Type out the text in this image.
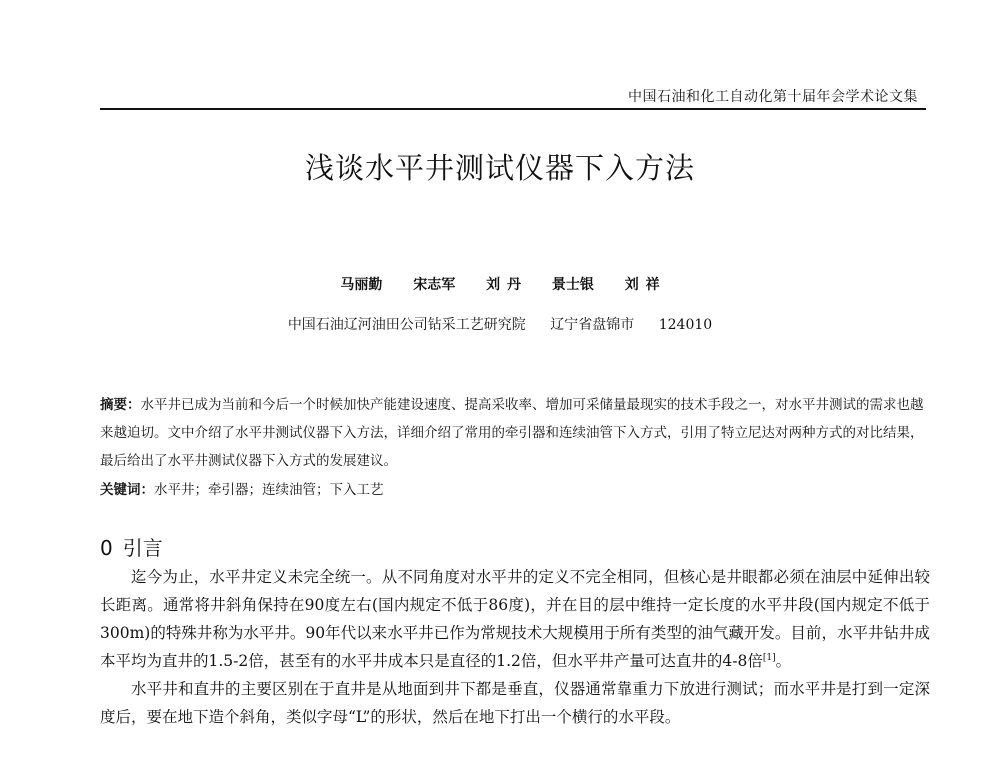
中国石油和化工自动化第十届年会学术论文集
浅谈水平井测试仪器下入方法
马丽勤 宋志军 刘 丹 景士银 刘 祥
中国石油辽河油田公司钻采工艺研究院 辽宁省盘锦市 124010
摘要：水平井已成为当前和今后一个时候加快产能建设速度、提高采收率、增加可采储量最现实的技术手段之一，对水平井测试的需求也越来越迫切。文中介绍了水平井测试仪器下入方法，详细介绍了常用的牵引器和连续油管下入方式，引用了特立尼达对两种方式的对比结果，最后给出了水平井测试仪器下入方式的发展建议。
关键词：水平井；牵引器；连续油管；下入工艺
0 引言

迄今为止，水平井定义未完全统一。从不同角度对水平井的定义不完全相同，但核心是井眼都必须在油层中延伸出较长距离。通常将井斜角保持在90度左右(国内规定不低于86度)，并在目的层中维持一定长度的水平井段(国内规定不低于300m)的特殊井称为水平井。90年代以来水平井已作为常规技术大规模用于所有类型的油气藏开发。目前，水平井钻井成本平均为直井的1.5-2倍，甚至有的水平井成本只是直径的1.2倍，但水平井产量可达直井的4-8倍[1]。

水平井和直井的主要区别在于直井是从地面到井下都是垂直，仪器通常靠重力下放进行测试；而水平井是打到一定深度后，要在地下造个斜角，类似字母“L”的形状，然后在地下打出一个横行的水平段。
